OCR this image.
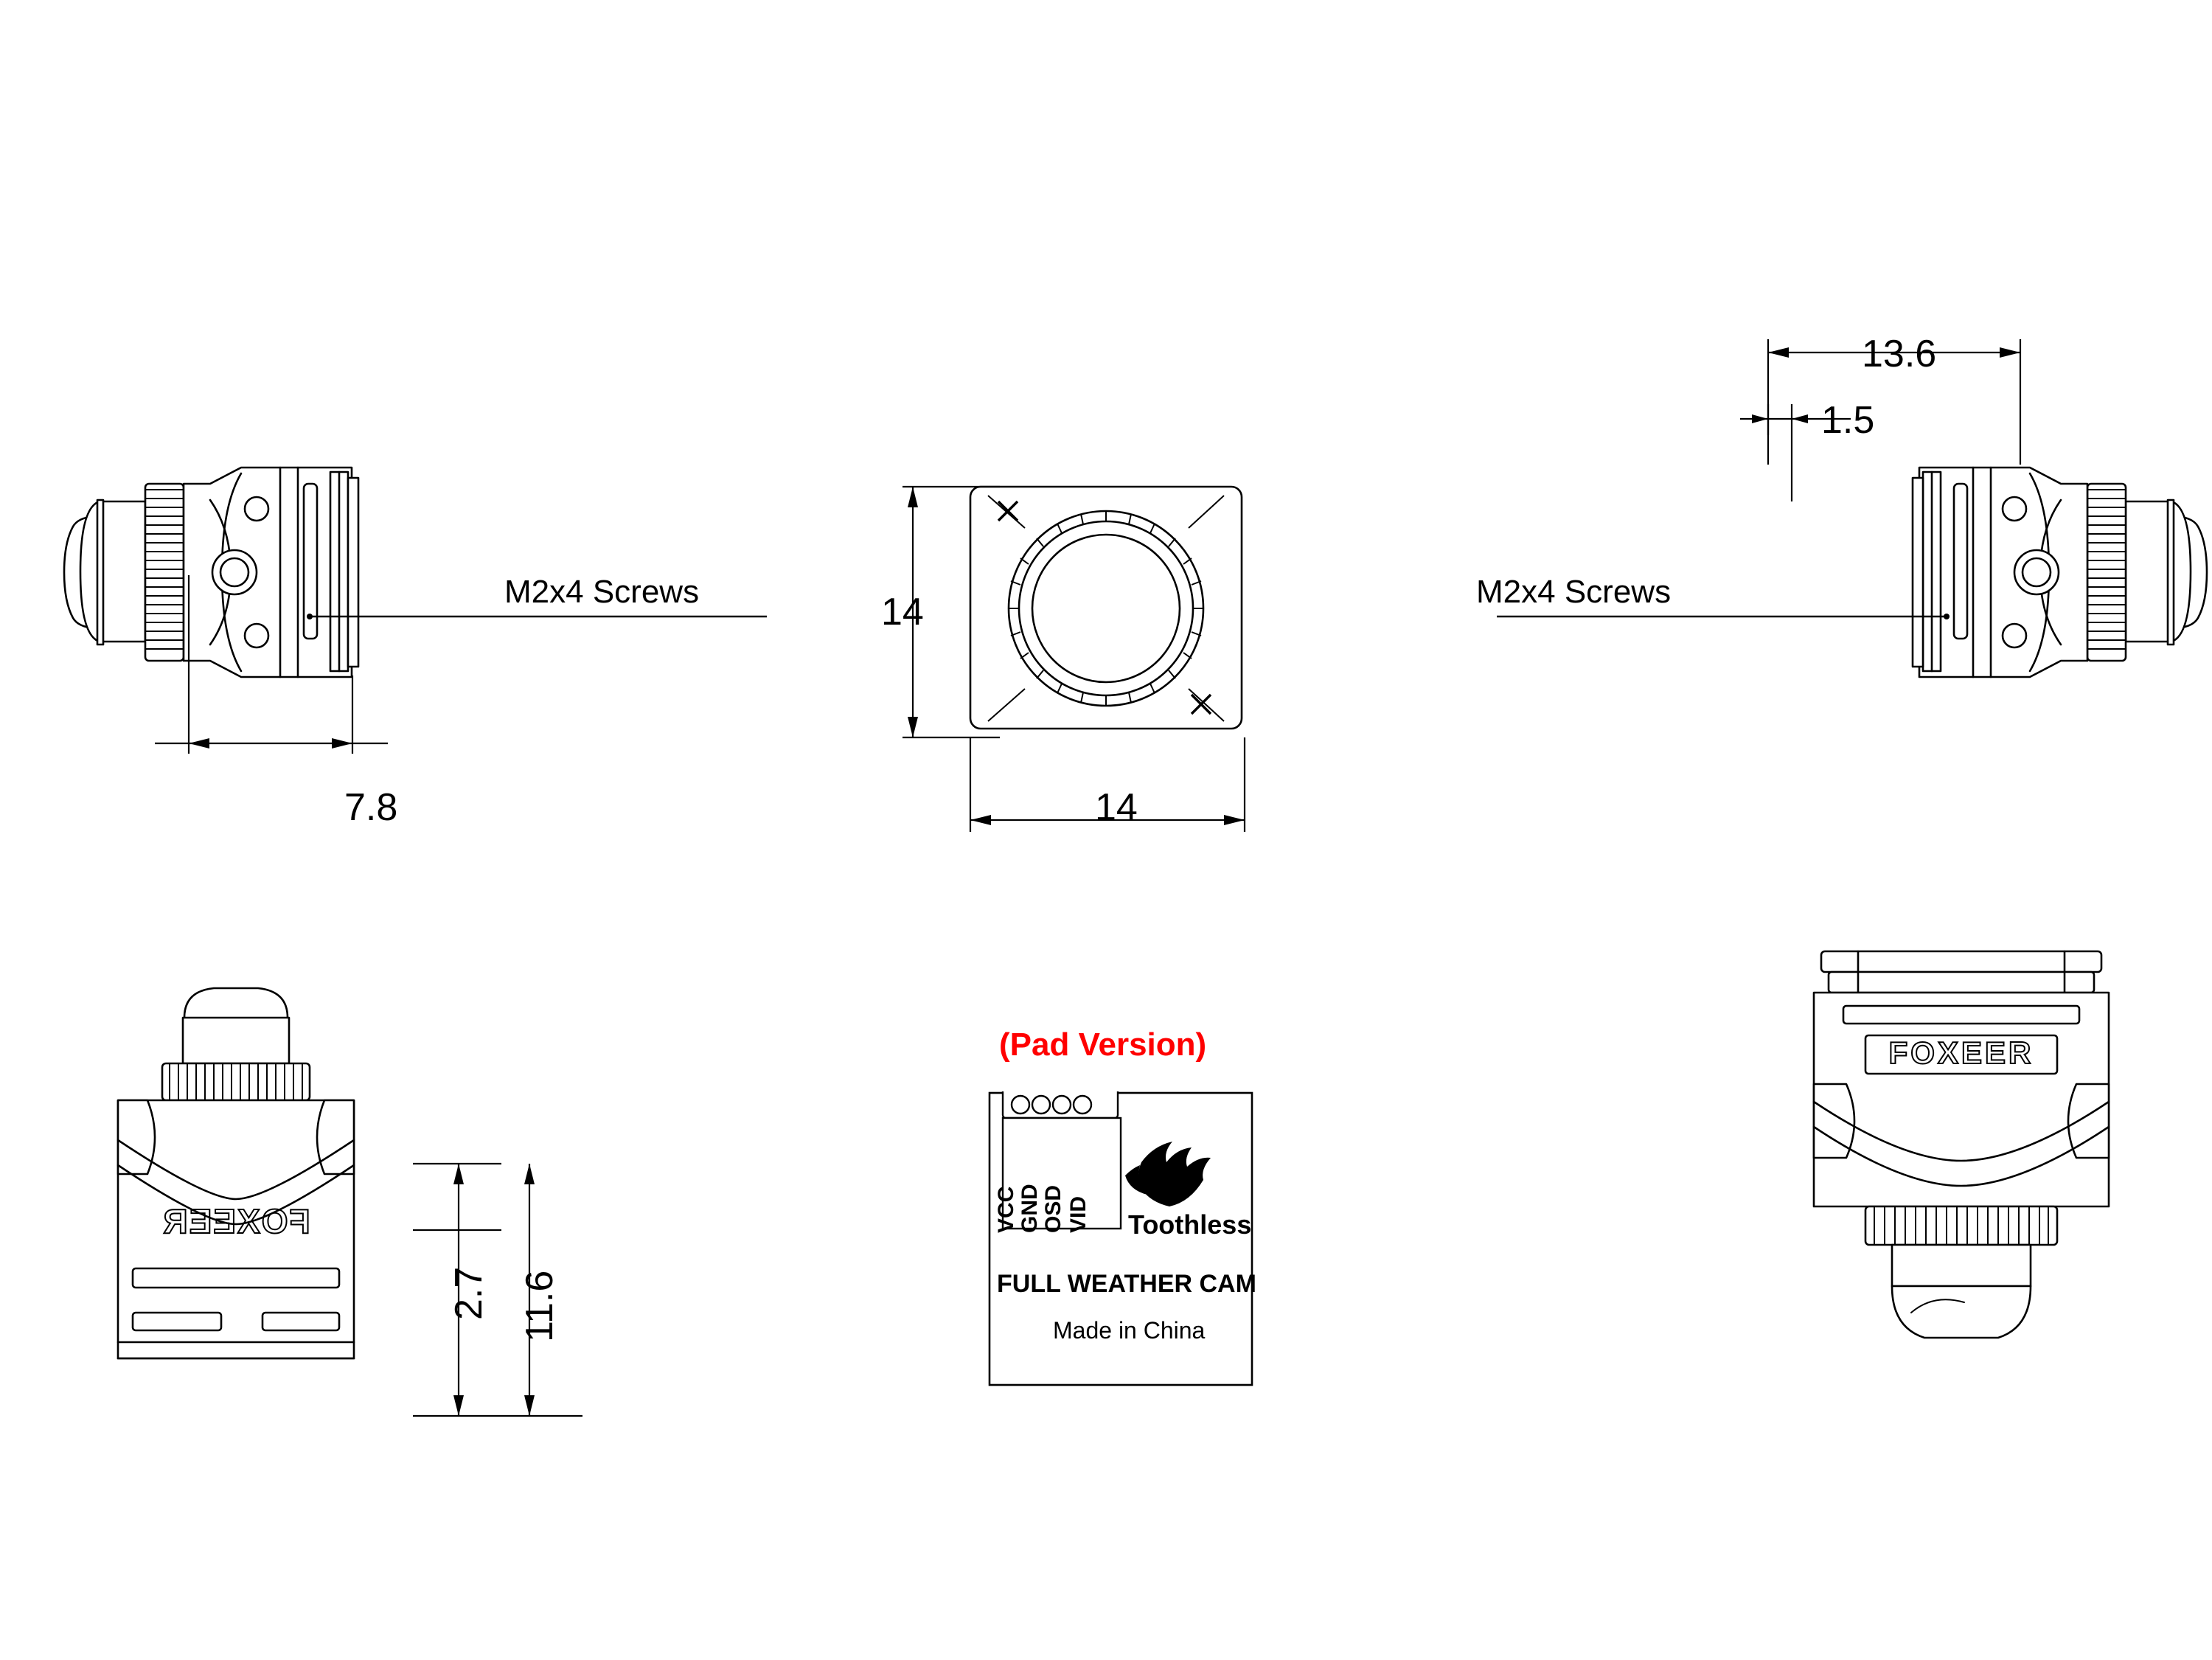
7.8
M2x4 Screws	14
14
13.6
1.5
M2x4 Screws
FOXEER
2.7 11.6
(Pad Version)
OSD VID
GND
VCC	Toothless
FULL WEATHER CAM
Made in China
FOXEER
